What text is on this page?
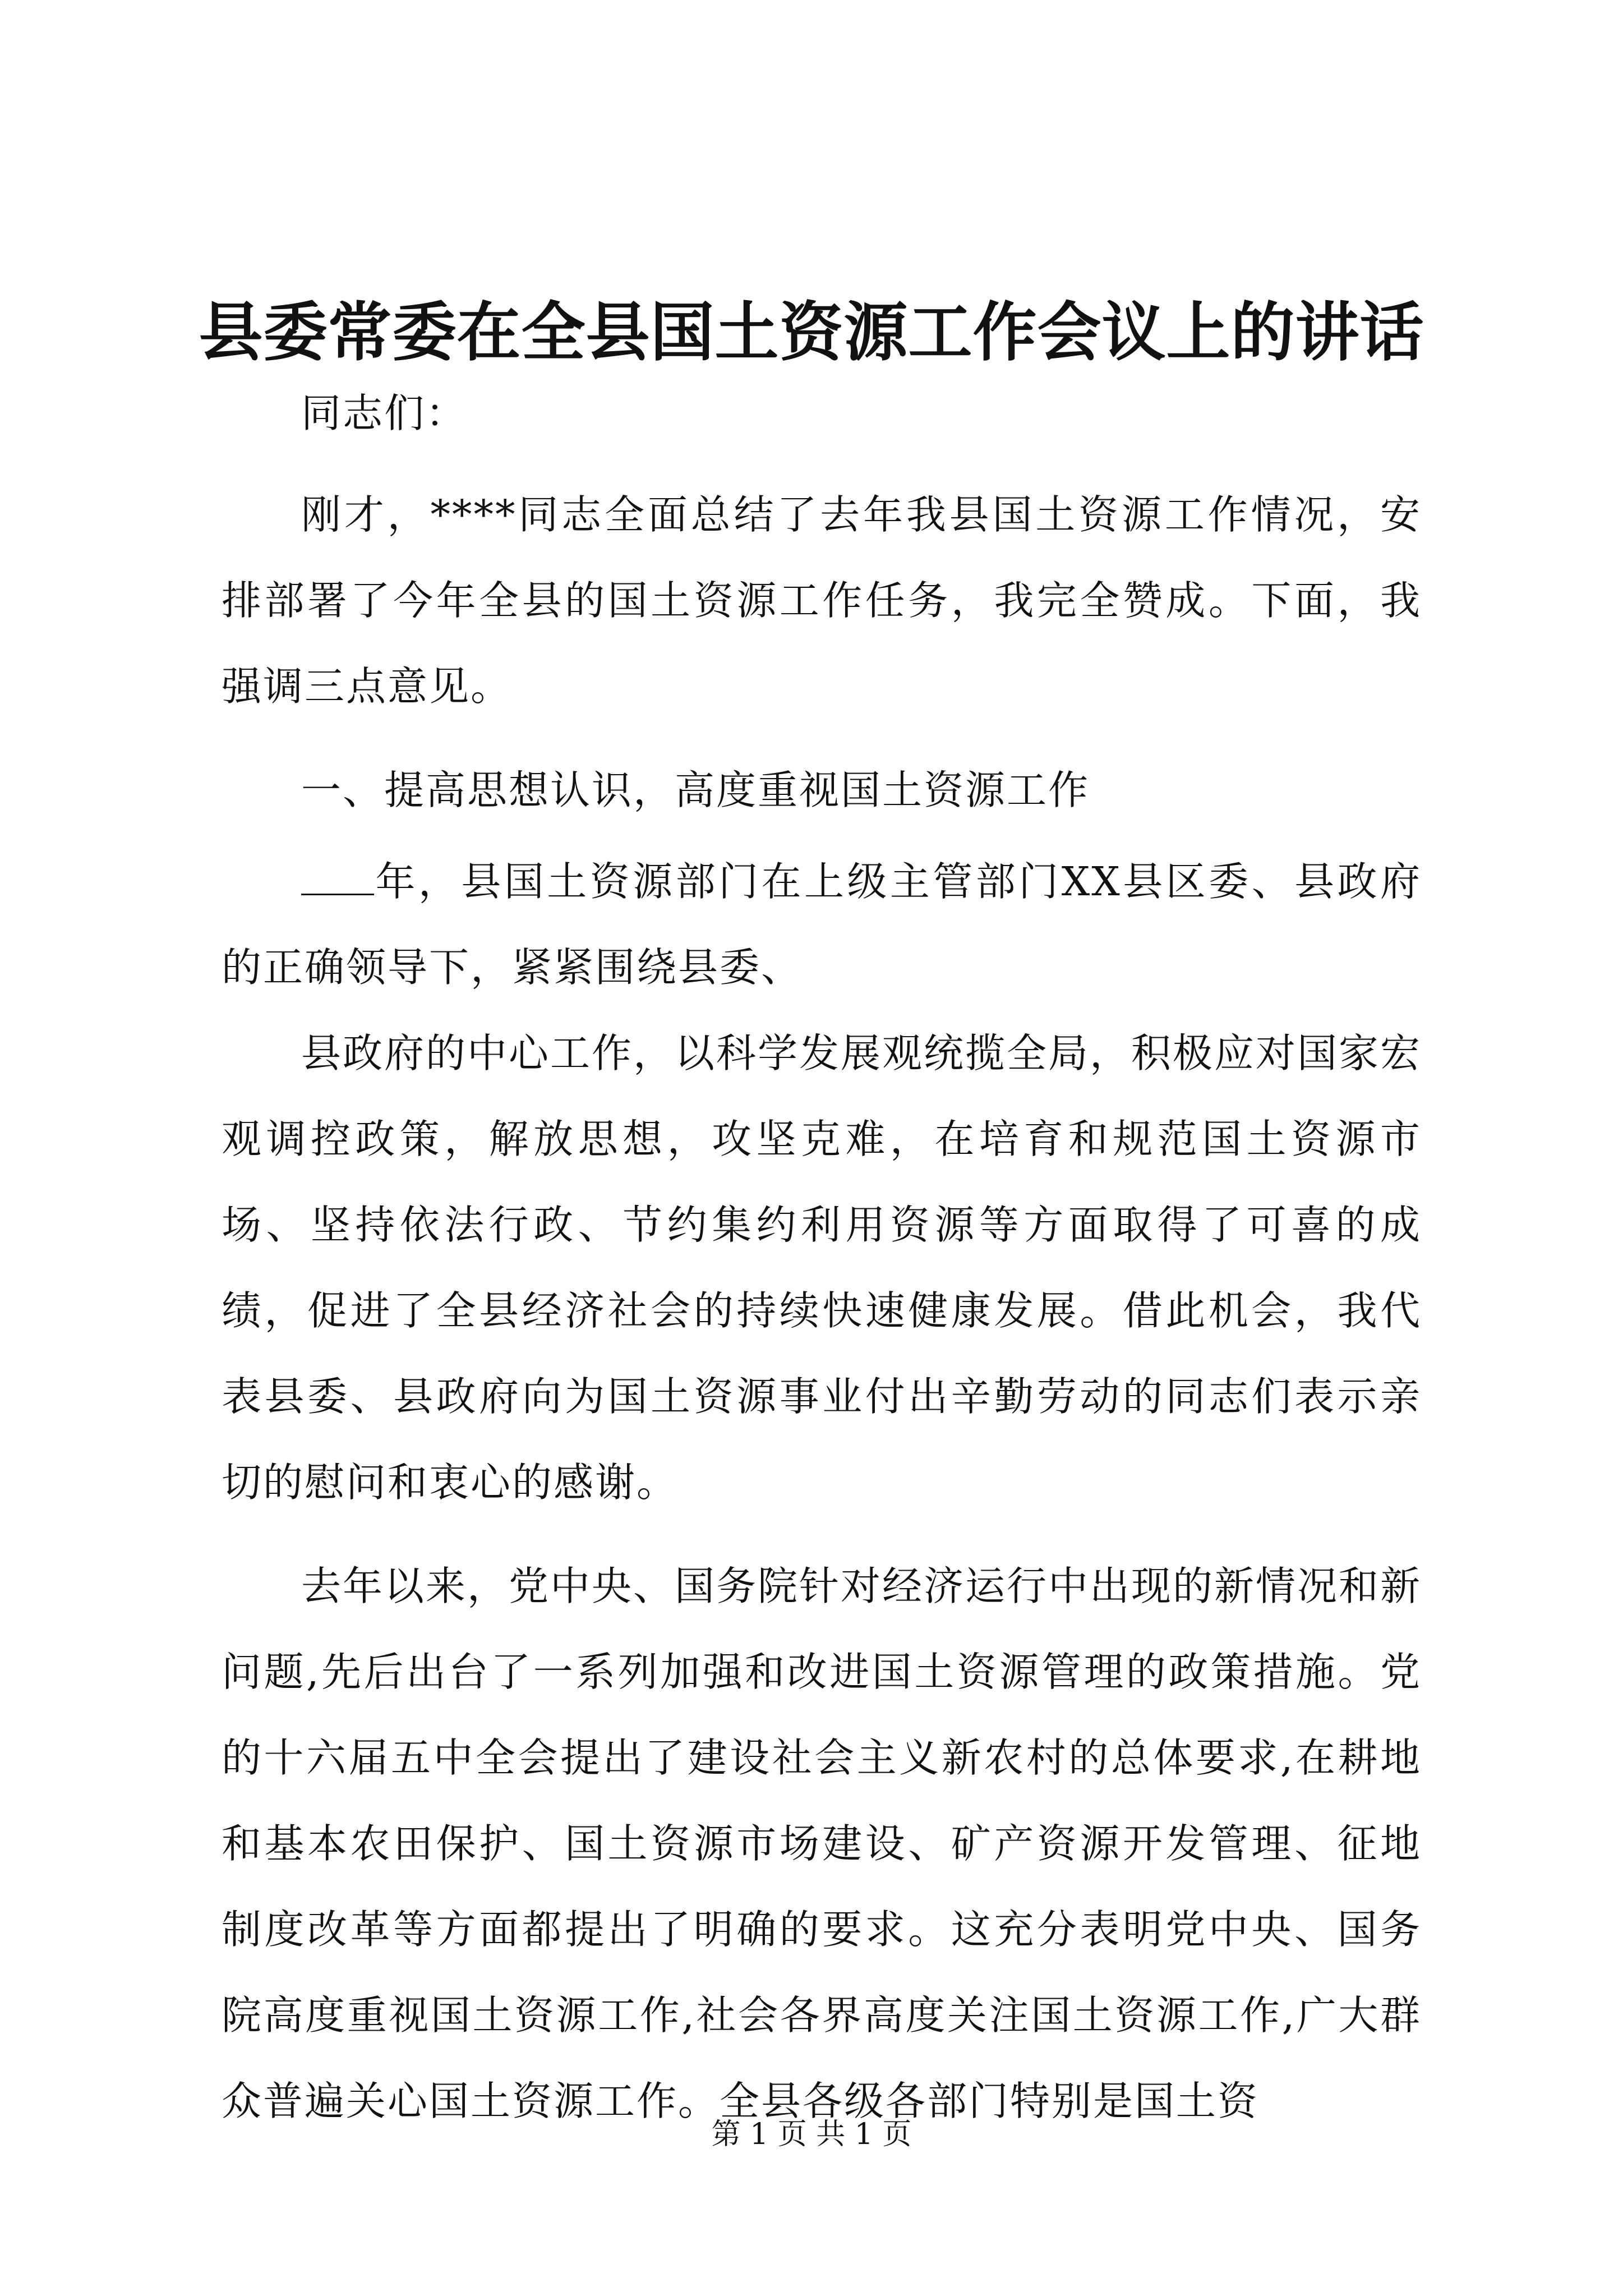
县委常委在全县国土资源工作会议上的讲话

同志们：

刚才，****同志全面总结了去年我县国土资源工作情况，安排部署了今年全县的国土资源工作任务，我完全赞成。下面，我强调三点意见。

一、提高思想认识，高度重视国土资源工作

年，县国土资源部门在上级主管部门XX县区委、县政府的正确领导下，紧紧围绕县委、

县政府的中心工作，以科学发展观统揽全局，积极应对国家宏观调控政策，解放思想，攻坚克难，在培育和规范国土资源市场、坚持依法行政、节约集约利用资源等方面取得了可喜的成绩，促进了全县经济社会的持续快速健康发展。借此机会，我代表县委、县政府向为国土资源事业付出辛勤劳动的同志们表示亲切的慰问和衷心的感谢。

去年以来，党中央、国务院针对经济运行中出现的新情况和新问题,先后出台了一系列加强和改进国土资源管理的政策措施。党的十六届五中全会提出了建设社会主义新农村的总体要求,在耕地和基本农田保护、国土资源市场建设、矿产资源开发管理、征地制度改革等方面都提出了明确的要求。这充分表明党中央、国务院高度重视国土资源工作,社会各界高度关注国土资源工作,广大群众普遍关心国土资源工作。全县各级各部门特别是国土资

第 1 页 共 1 页
